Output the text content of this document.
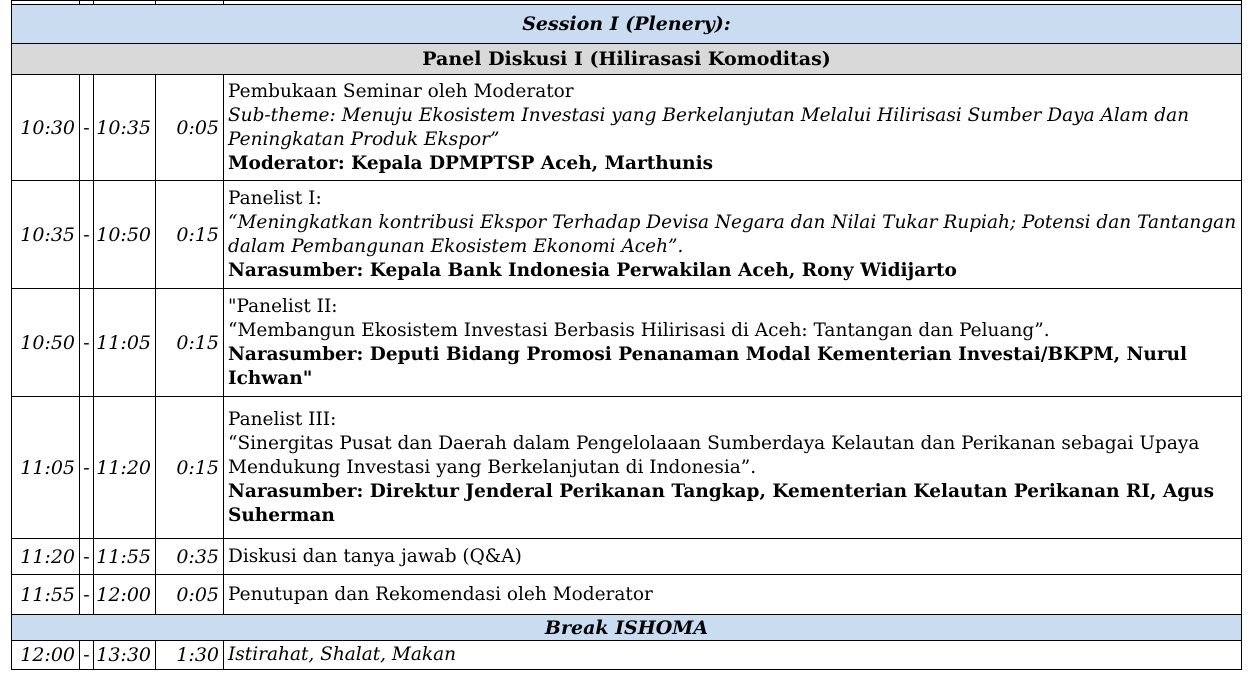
Session I (Plenery):				
Panel Diskusi I (Hilirasasi Komoditas)				
10:30	-	10:35	0:05	Pembukaan Seminar oleh Moderator
Sub-theme: Menuju Ekosistem Investasi yang Berkelanjutan Melalui Hilirisasi Sumber Daya Alam dan Peningkatan Produk Ekspor”
Moderator: Kepala DPMPTSP Aceh, Marthunis

10:35	-	10:50	0:15	Panelist I:
“Meningkatkan kontribusi Ekspor Terhadap Devisa Negara dan Nilai Tukar Rupiah; Potensi dan Tantangan dalam Pembangunan Ekosistem Ekonomi Aceh”.
Narasumber: Kepala Bank Indonesia Perwakilan Aceh, Rony Widijarto

10:50	-	11:05	0:15	"Panelist II:
“Membangun Ekosistem Investasi Berbasis Hilirisasi di Aceh: Tantangan dan Peluang”.
Narasumber: Deputi Bidang Promosi Penanaman Modal Kementerian Investai/BKPM, Nurul Ichwan"

11:05	-	11:20	0:15	Panelist III:
“Sinergitas Pusat dan Daerah dalam Pengelolaaan Sumberdaya Kelautan dan Perikanan sebagai Upaya Mendukung Investasi yang Berkelanjutan di Indonesia”.
Narasumber: Direktur Jenderal Perikanan Tangkap, Kementerian Kelautan Perikanan RI, Agus Suherman

11:20	-	11:55	0:35	Diskusi dan tanya jawab (Q&A)

11:55	-	12:00	0:05	Penutupan dan Rekomendasi oleh Moderator

Break ISHOMA				
12:00	-	13:30	1:30	Istirahat, Shalat, Makan
